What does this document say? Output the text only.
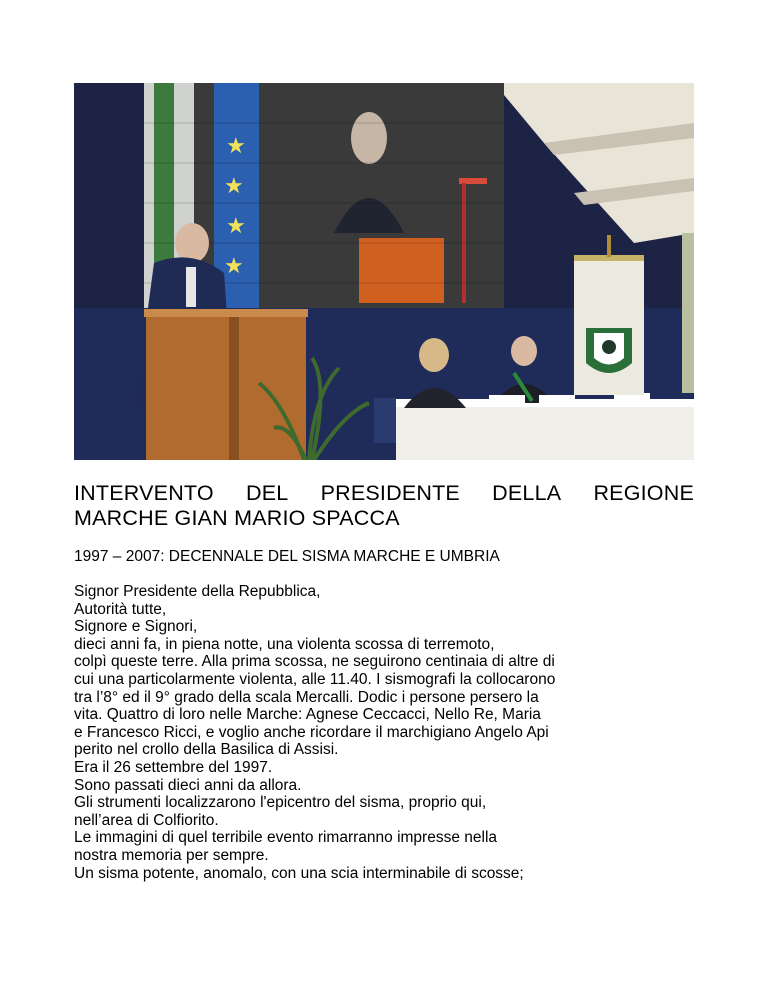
★
★
★
★
INTERVENTO DEL PRESIDENTE DELLA REGIONE
MARCHE GIAN MARIO SPACCA
1997 – 2007: DECENNALE DEL SISMA MARCHE E UMBRIA
Signor Presidente della Repubblica,
Autorità tutte,
Signore e Signori,
dieci anni fa, in piena notte, una violenta scossa di terremoto,
colpì queste terre. Alla prima scossa, ne seguirono centinaia di altre di
cui una particolarmente violenta, alle 11.40. I sismografi la collocarono
tra l’8° ed il 9° grado della scala Mercalli. Dodic i persone persero la
vita. Quattro di loro nelle Marche: Agnese Ceccacci, Nello Re, Maria
e Francesco Ricci, e voglio anche ricordare il marchigiano Angelo Api
perito nel crollo della Basilica di Assisi.
Era il 26 settembre del 1997.
Sono passati dieci anni da allora.
Gli strumenti localizzarono l'epicentro del sisma, proprio qui,
nell’area di Colfiorito.
Le immagini di quel terribile evento rimarranno impresse nella
nostra memoria per sempre.
Un sisma potente, anomalo, con una scia interminabile di scosse;
